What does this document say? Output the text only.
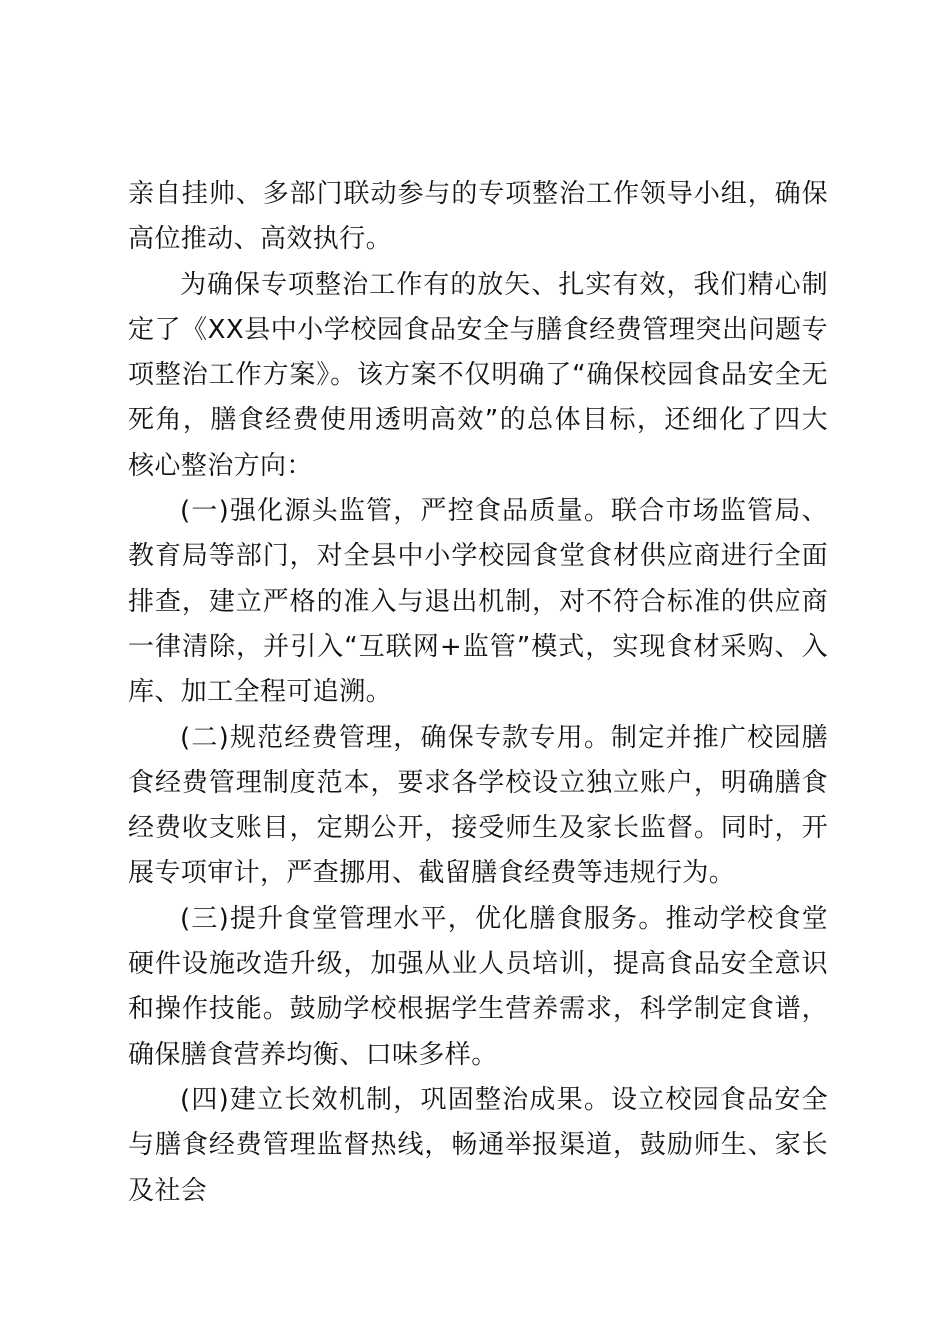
亲自挂帅、多部门联动参与的专项整治工作领导小组，确保高位推动、高效执行。

为确保专项整治工作有的放矢、扎实有效，我们精心制定了《XX县中小学校园食品安全与膳食经费管理突出问题专项整治工作方案》。该方案不仅明确了“确保校园食品安全无死角，膳食经费使用透明高效”的总体目标，还细化了四大核心整治方向：

(一)强化源头监管，严控食品质量。联合市场监管局、教育局等部门，对全县中小学校园食堂食材供应商进行全面排查，建立严格的准入与退出机制，对不符合标准的供应商一律清除，并引入“互联网+监管”模式，实现食材采购、入库、加工全程可追溯。

(二)规范经费管理，确保专款专用。制定并推广校园膳食经费管理制度范本，要求各学校设立独立账户，明确膳食经费收支账目，定期公开，接受师生及家长监督。同时，开展专项审计，严查挪用、截留膳食经费等违规行为。

(三)提升食堂管理水平，优化膳食服务。推动学校食堂硬件设施改造升级，加强从业人员培训，提高食品安全意识和操作技能。鼓励学校根据学生营养需求，科学制定食谱，确保膳食营养均衡、口味多样。

(四)建立长效机制，巩固整治成果。设立校园食品安全与膳食经费管理监督热线，畅通举报渠道，鼓励师生、家长及社会
